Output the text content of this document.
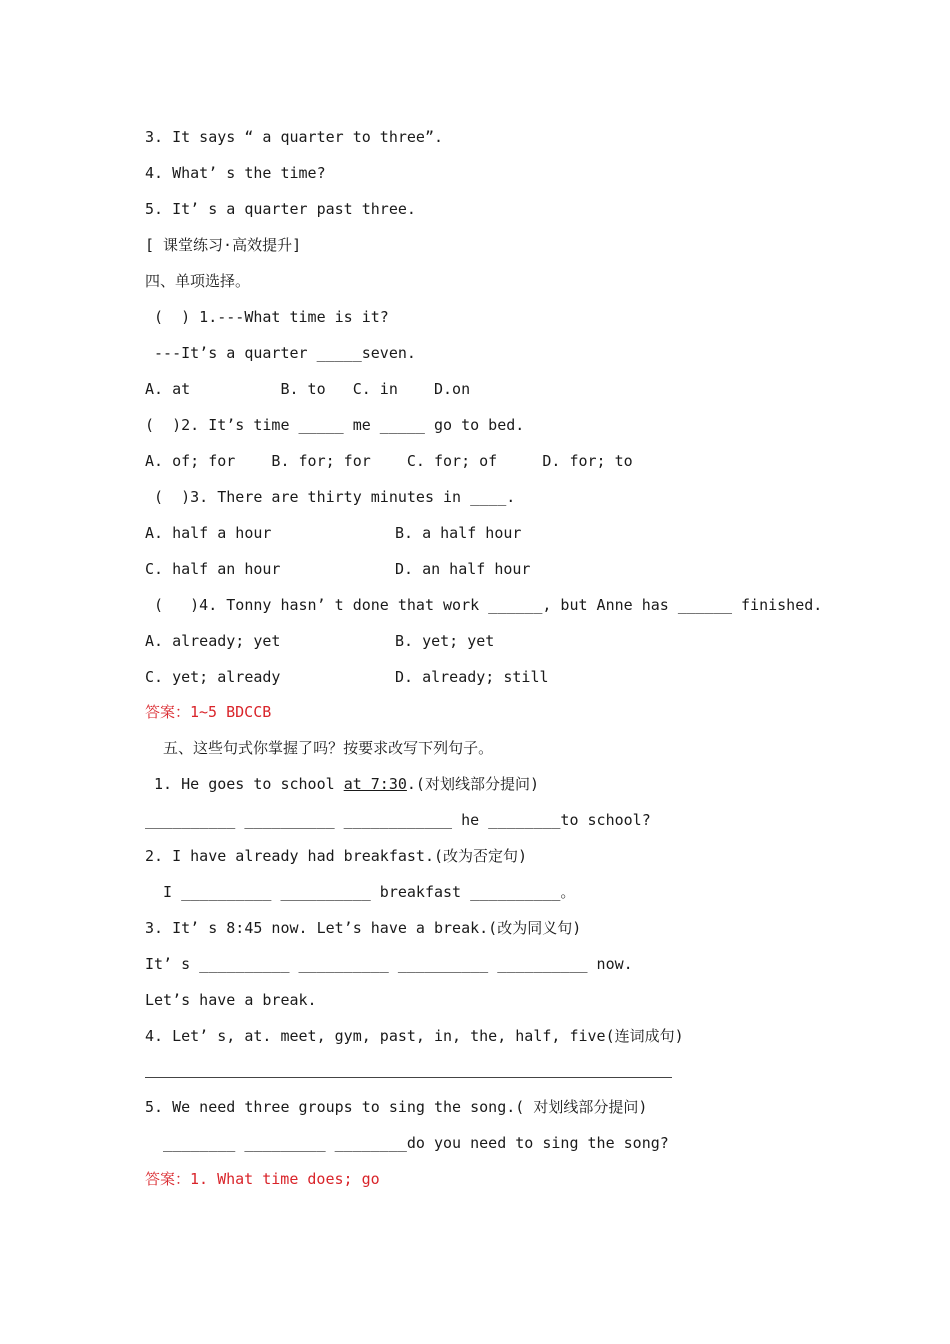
3. It says “ a quarter to three”.
4. What’ s the time?
5. It’ s a quarter past three.
[ 课堂练习·高效提升]
四、单项选择。
(  ) 1.---What time is it?
---It’s a quarter _____seven.
A. at          B. to   C. in    D.on
(  )2. It’s time _____ me _____ go to bed.
A. of; for    B. for; for    C. for; of     D. for; to
(  )3. There are thirty minutes in ____.
A. half a hour	B. a half hour
C. half an hour	D. an half hour
(   )4. Tonny hasn’ t done that work ______, but Anne has ______ finished.
A. already; yet	B. yet; yet
C. yet; already	D. already; still
答案：1~5 BDCCB
五、这些句式你掌握了吗？按要求改写下列句子。
1. He goes to school at 7:30.(对划线部分提问)
__________ __________ ____________ he ________to school?
2. I have already had breakfast.(改为否定句)
I __________ __________ breakfast __________。
3. It’ s 8:45 now. Let’s have a break.(改为同义句)
It’ s __________ __________ __________ __________ now.
Let’s have a break.
4. Let’ s, at. meet, gym, past, in, the, half, five(连词成句)
5. We need three groups to sing the song.( 对划线部分提问)
________ _________ ________do you need to sing the song?
答案：1. What time does; go
